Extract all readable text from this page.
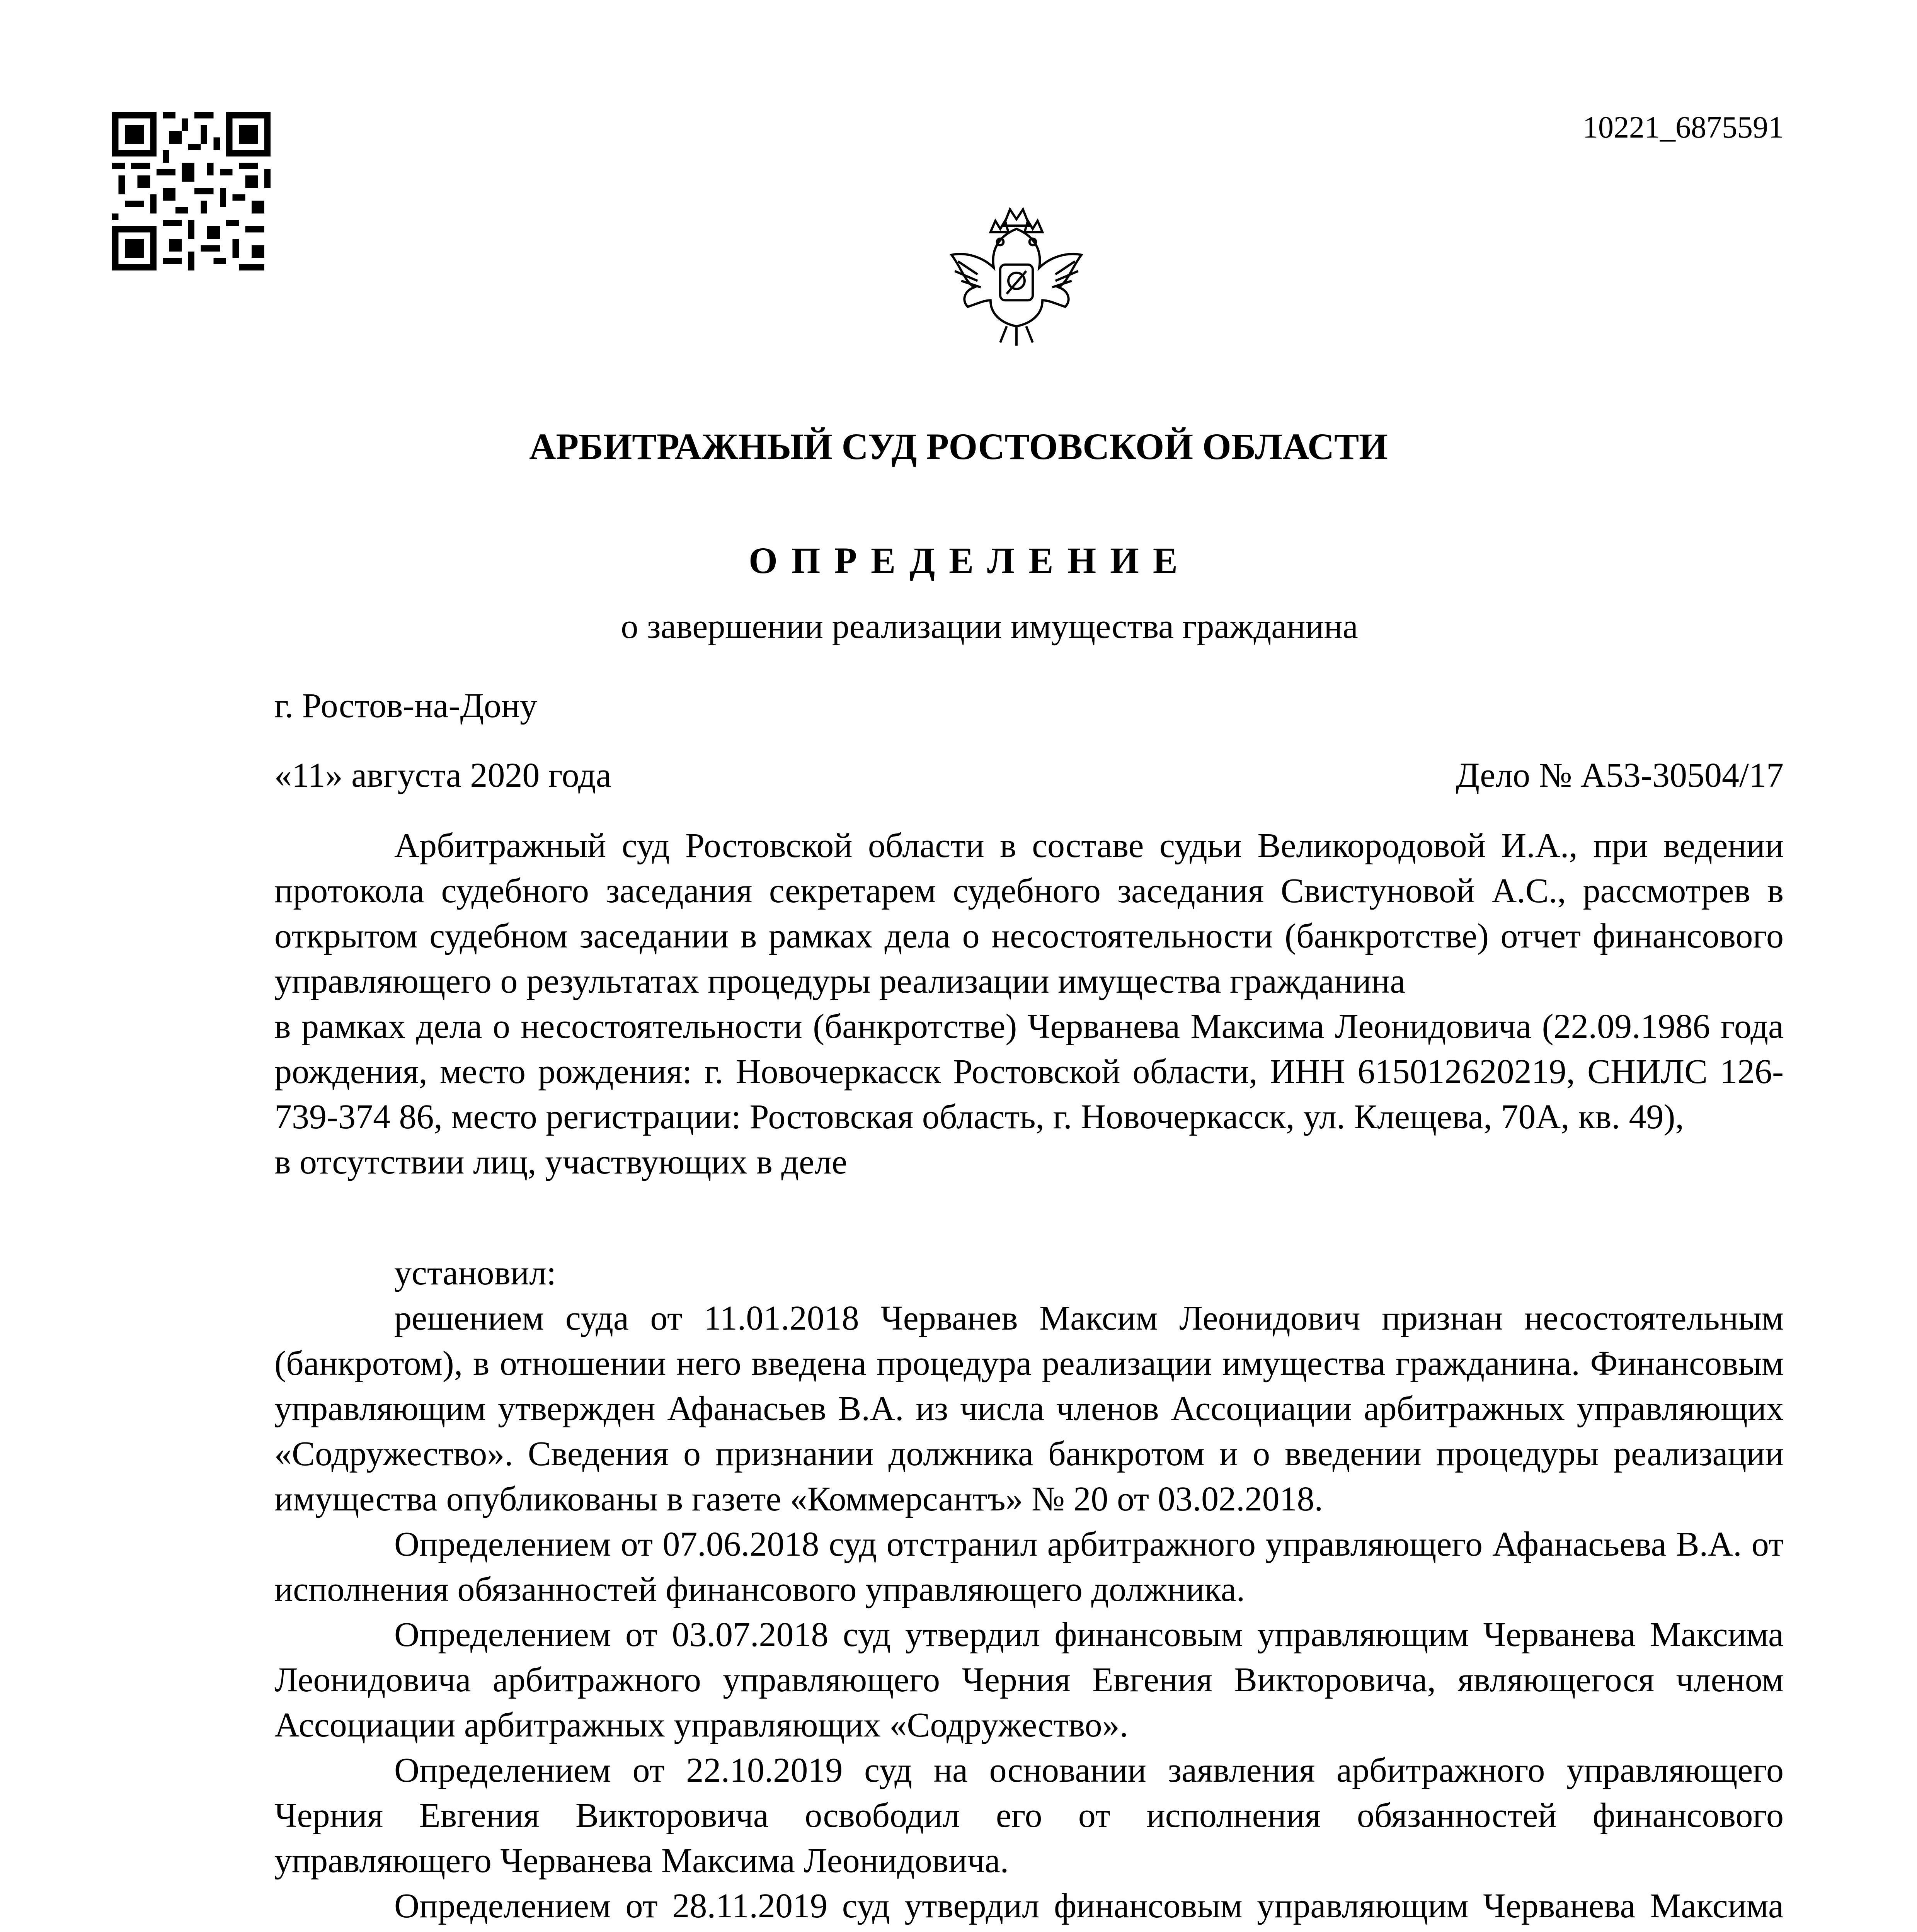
10221_6875591
АРБИТРАЖНЫЙ СУД РОСТОВСКОЙ ОБЛАСТИ
ОПРЕДЕЛЕНИЕ
о завершении реализации имущества гражданина
г. Ростов-на-Дону
«11» августа 2020 года	Дело № А53-30504/17

Арбитражный суд Ростовской области в составе судьи Великородовой И.А., при ведении протокола судебного заседания секретарем судебного заседания Свистуновой А.С., рассмотрев в открытом судебном заседании в рамках дела о несостоятельности (банкротстве) отчет финансового управляющего о результатах процедуры реализации имущества гражданина

в рамках дела о несостоятельности (банкротстве) Черванева Максима Леонидовича (22.09.1986 года рождения, место рождения: г. Новочеркасск Ростовской области, ИНН 615012620219, СНИЛС 126-739-374 86, место регистрации: Ростовская область, г. Новочеркасск, ул. Клещева, 70А, кв. 49),

в отсутствии лиц, участвующих в деле

установил:

решением суда от 11.01.2018 Черванев Максим Леонидович признан несостоятельным (банкротом), в отношении него введена процедура реализации имущества гражданина. Финансовым управляющим утвержден Афанасьев В.А. из числа членов Ассоциации арбитражных управляющих «Содружество». Сведения о признании должника банкротом и о введении процедуры реализации имущества опубликованы в газете «Коммерсантъ» № 20 от 03.02.2018.

Определением от 07.06.2018 суд отстранил арбитражного управляющего Афанасьева В.А. от исполнения обязанностей финансового управляющего должника.

Определением от 03.07.2018 суд утвердил финансовым управляющим Черванева Максима Леонидовича арбитражного управляющего Черния Евгения Викторовича, являющегося членом Ассоциации арбитражных управляющих «Содружество».

Определением от 22.10.2019 суд на основании заявления арбитражного управляющего Черния Евгения Викторовича освободил его от исполнения обязанностей финансового управляющего Черванева Максима Леонидовича.

Определением от 28.11.2019 суд утвердил финансовым управляющим Черванева Максима
